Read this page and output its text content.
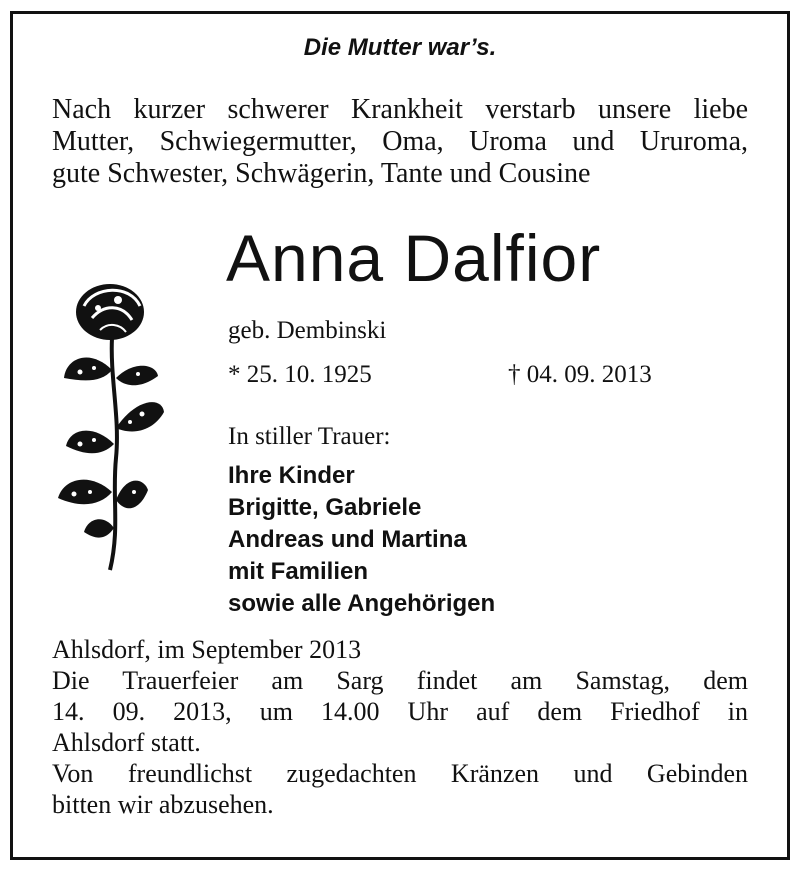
Die Mutter war’s.

Nach kurzer schwerer Krankheit verstarb unsere liebe
Mutter, Schwiegermutter, Oma, Uroma und Ururoma,
gute Schwester, Schwägerin, Tante und Cousine

Anna Dalfior

geb. Dembinski

* 25. 10. 1925	† 04. 09. 2013

In stiller Trauer:

Ihre Kinder
Brigitte, Gabriele
Andreas und Martina
mit Familien
sowie alle Angehörigen
Ahlsdorf, im September 2013
Die Trauerfeier am Sarg findet am Samstag, dem
14. 09. 2013, um 14.00 Uhr auf dem Friedhof in
Ahlsdorf statt.
Von freundlichst zugedachten Kränzen und Gebinden
bitten wir abzusehen.
